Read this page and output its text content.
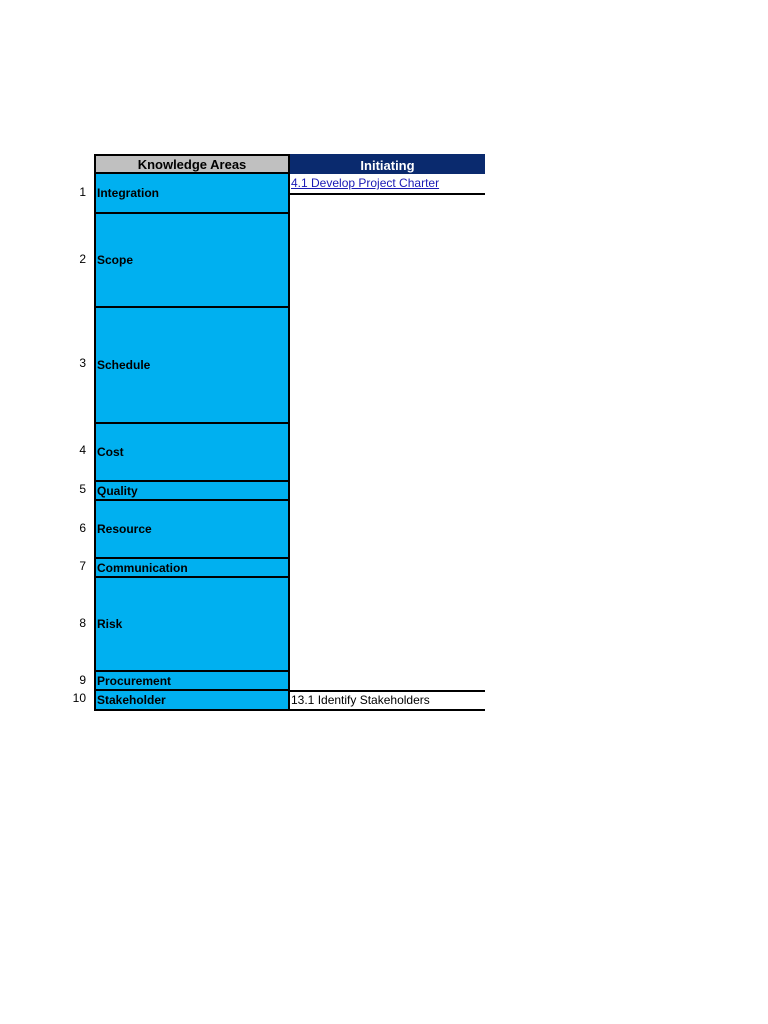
Knowledge Areas	Initiating
1 Integration
4.1 Develop Project Charter
2 Scope
3 Schedule
4 Cost
5 Quality
6 Resource
7 Communication
8 Risk
9 Procurement
10 Stakeholder	13.1 Identify Stakeholders
